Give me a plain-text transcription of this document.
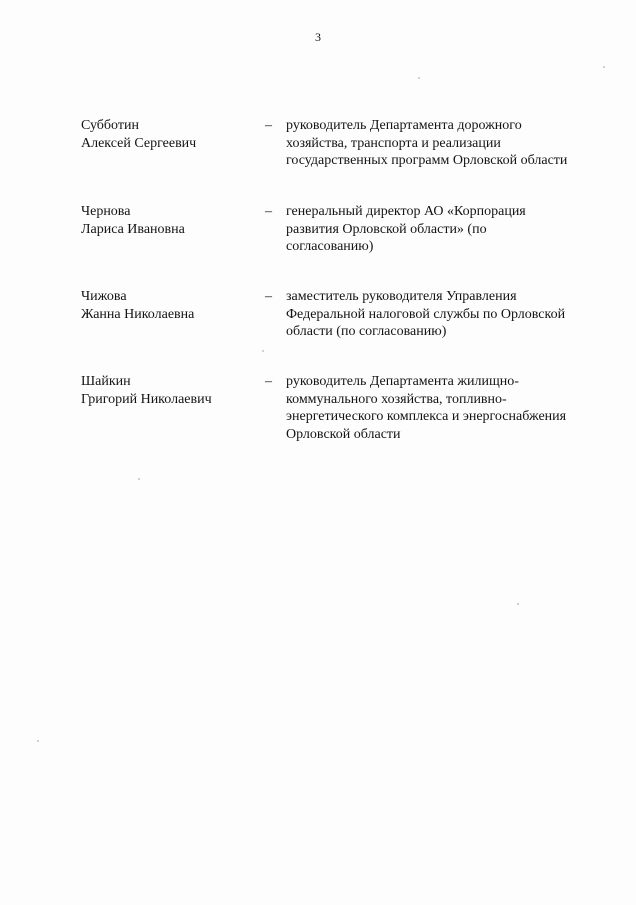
3
Субботин
Алексей Сергеевич
– руководитель Департамента дорожного
хозяйства, транспорта и реализации
государственных программ Орловской области
Чернова
Лариса Ивановна
– генеральный директор АО «Корпорация
развития Орловской области» (по
согласованию)
Чижова
Жанна Николаевна
– заместитель руководителя Управления
Федеральной налоговой службы по Орловской
области (по согласованию)
Шайкин
Григорий Николаевич
– руководитель Департамента жилищно-
коммунального хозяйства, топливно-
энергетического комплекса и энергоснабжения
Орловской области
